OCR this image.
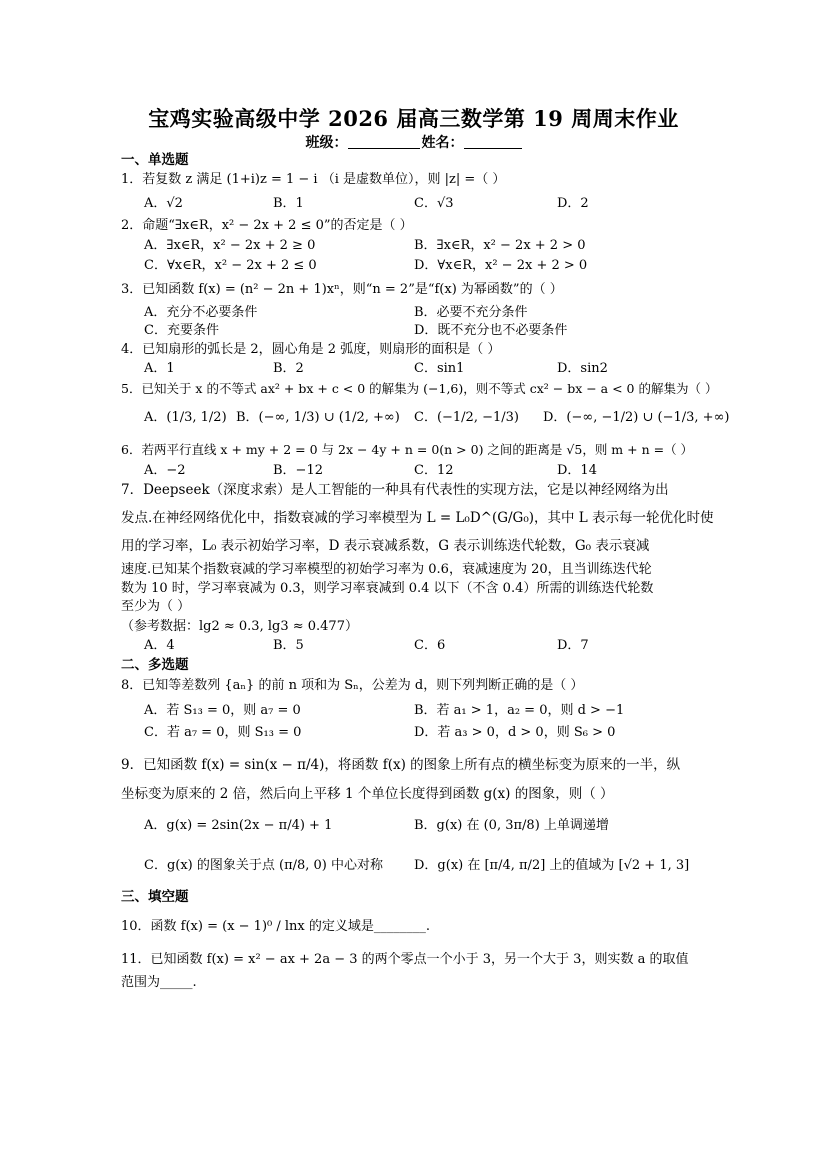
宝鸡实验高级中学 2026 届高三数学第 19 周周末作业
班级：	姓名：
一、单选题
1．若复数 z 满足 (1+i)z = 1 − i （i 是虚数单位），则 |z| =（ ）
A．√2	B．1	C．√3	D．2
2．命题“∃x∈R，x² − 2x + 2 ≤ 0”的否定是（ ）
A．∃x∈R，x² − 2x + 2 ≥ 0	B．∃x∈R，x² − 2x + 2 > 0
C．∀x∈R，x² − 2x + 2 ≤ 0	D．∀x∈R，x² − 2x + 2 > 0
3．已知函数 f(x) = (n² − 2n + 1)xⁿ，则“n = 2”是“f(x) 为幂函数”的（ ）
A．充分不必要条件	B．必要不充分条件
C．充要条件	D．既不充分也不必要条件
4．已知扇形的弧长是 2，圆心角是 2 弧度，则扇形的面积是（ ）
A．1	B．2	C．sin1	D．sin2
5．已知关于 x 的不等式 ax² + bx + c < 0 的解集为 (−1,6)，则不等式 cx² − bx − a < 0 的解集为（ ）
A．(1/3, 1/2) B．(−∞, 1/3) ∪ (1/2, +∞) C．(−1/2, −1/3) D．(−∞, −1/2) ∪ (−1/3, +∞)
6．若两平行直线 x + my + 2 = 0 与 2x − 4y + n = 0(n > 0) 之间的距离是 √5，则 m + n =（ ）
A．−2	B．−12	C．12	D．14
7．Deepseek（深度求索）是人工智能的一种具有代表性的实现方法，它是以神经网络为出
发点.在神经网络优化中，指数衰减的学习率模型为 L = L₀D^(G/G₀)，其中 L 表示每一轮优化时使
用的学习率，L₀ 表示初始学习率，D 表示衰减系数，G 表示训练迭代轮数，G₀ 表示衰减
速度.已知某个指数衰减的学习率模型的初始学习率为 0.6，衰减速度为 20，且当训练迭代轮
数为 10 时，学习率衰减为 0.3，则学习率衰减到 0.4 以下（不含 0.4）所需的训练迭代轮数
至少为（ ）
（参考数据：lg2 ≈ 0.3, lg3 ≈ 0.477）
A．4	B．5	C．6	D．7
二、多选题
8．已知等差数列 {aₙ} 的前 n 项和为 Sₙ，公差为 d，则下列判断正确的是（ ）
A．若 S₁₃ = 0，则 a₇ = 0	B．若 a₁ > 1，a₂ = 0，则 d > −1
C．若 a₇ = 0，则 S₁₃ = 0	D．若 a₃ > 0，d > 0，则 S₆ > 0
9．已知函数 f(x) = sin(x − π/4)，将函数 f(x) 的图象上所有点的横坐标变为原来的一半，纵
坐标变为原来的 2 倍，然后向上平移 1 个单位长度得到函数 g(x) 的图象，则（ ）
A．g(x) = 2sin(2x − π/4) + 1	B．g(x) 在 (0, 3π/8) 上单调递增
C．g(x) 的图象关于点 (π/8, 0) 中心对称 D．g(x) 在 [π/4, π/2] 上的值域为 [√2 + 1, 3]
三、填空题
10．函数 f(x) = (x − 1)⁰ / lnx 的定义域是________.
11．已知函数 f(x) = x² − ax + 2a − 3 的两个零点一个小于 3，另一个大于 3，则实数 a 的取值
范围为_____.
